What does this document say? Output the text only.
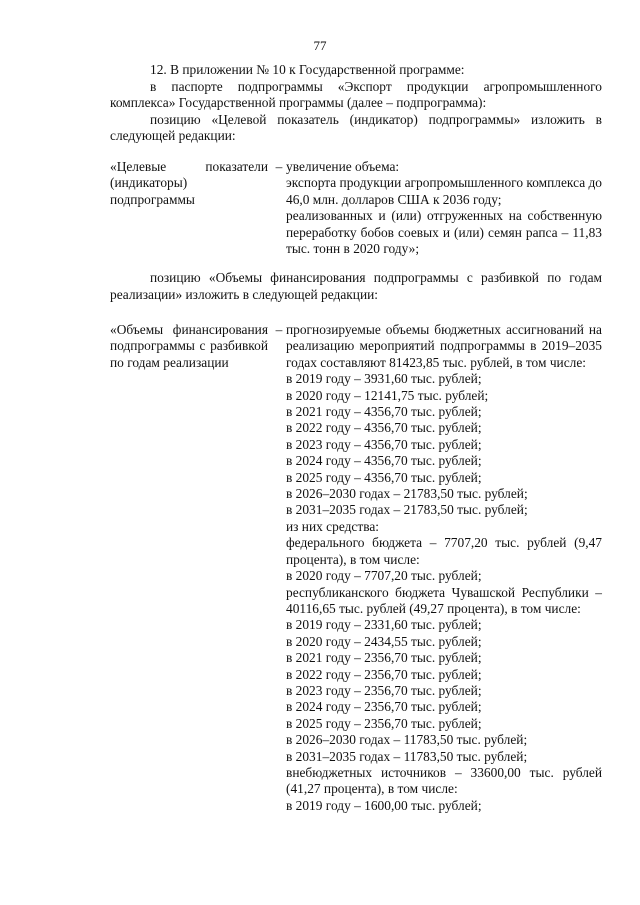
77

12. В приложении № 10 к Государственной программе:

в паспорте подпрограммы «Экспорт продукции агропромышленного комплекса» Государственной программы (далее – подпрограмма):

позицию «Целевой показатель (индикатор) подпрограммы» изложить в следующей редакции:

«Целевые показатели (индикаторы) подпрограммы
– увеличение объема:
экспорта продукции агропромышленного комплекса до 46,0 млн. долларов США к 2036 году;
реализованных и (или) отгруженных на собственную переработку бобов соевых и (или) семян рапса – 11,83 тыс. тонн в 2020 году»;

позицию «Объемы финансирования подпрограммы с разбивкой по годам реализации» изложить в следующей редакции:

«Объемы финансирования подпрограммы с разбивкой по годам реализации
– прогнозируемые объемы бюджетных ассигнований на реализацию мероприятий подпрограммы в 2019–2035 годах составляют 81423,85 тыс. рублей, в том числе:
в 2019 году – 3931,60 тыс. рублей;
в 2020 году – 12141,75 тыс. рублей;
в 2021 году – 4356,70 тыс. рублей;
в 2022 году – 4356,70 тыс. рублей;
в 2023 году – 4356,70 тыс. рублей;
в 2024 году – 4356,70 тыс. рублей;
в 2025 году – 4356,70 тыс. рублей;
в 2026–2030 годах – 21783,50 тыс. рублей;
в 2031–2035 годах – 21783,50 тыс. рублей;
из них средства:
федерального бюджета – 7707,20 тыс. рублей (9,47 процента), в том числе:
в 2020 году – 7707,20 тыс. рублей;
республиканского бюджета Чувашской Республики – 40116,65 тыс. рублей (49,27 процента), в том числе:
в 2019 году – 2331,60 тыс. рублей;
в 2020 году – 2434,55 тыс. рублей;
в 2021 году – 2356,70 тыс. рублей;
в 2022 году – 2356,70 тыс. рублей;
в 2023 году – 2356,70 тыс. рублей;
в 2024 году – 2356,70 тыс. рублей;
в 2025 году – 2356,70 тыс. рублей;
в 2026–2030 годах – 11783,50 тыс. рублей;
в 2031–2035 годах – 11783,50 тыс. рублей;
внебюджетных источников – 33600,00 тыс. рублей (41,27 процента), в том числе:
в 2019 году – 1600,00 тыс. рублей;
